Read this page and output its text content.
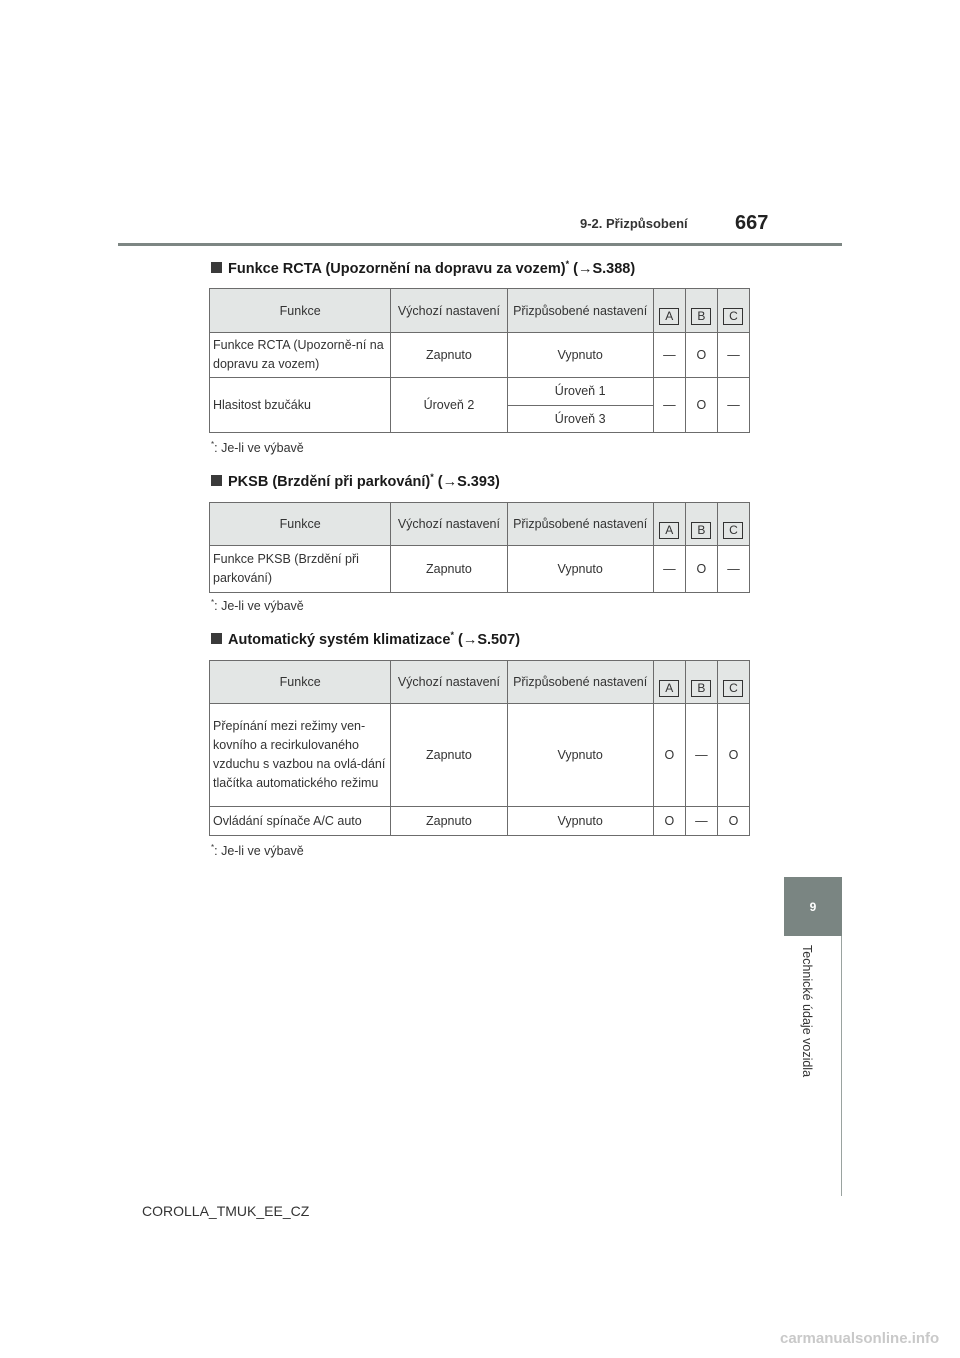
9-2. Přizpůsobení 667
9
Technické údaje vozidla
Funkce RCTA (Upozornění na dopravu za vozem)* (→S.388)
Funkce	Výchozí nastavení	Přizpůsobené nastavení	A	B	C
Funkce RCTA (Upozorně-ní na dopravu za vozem)	Zapnuto	Vypnuto	—	O	—
Hlasitost bzučáku	Úroveň 2	Úroveň 1	—	O	—
		Úroveň 3			
*: Je-li ve výbavě
PKSB (Brzdění při parkování)* (→S.393)
Funkce	Výchozí nastavení	Přizpůsobené nastavení	A	B	C
Funkce PKSB (Brzdění při parkování)	Zapnuto	Vypnuto	—	O	—
*: Je-li ve výbavě
Automatický systém klimatizace* (→S.507)
Funkce	Výchozí nastavení	Přizpůsobené nastavení	A	B	C
Přepínání mezi režimy ven-kovního a recirkulovaného vzduchu s vazbou na ovlá-dání tlačítka automatického režimu	Zapnuto	Vypnuto	O	—	O
Ovládání spínače A/C auto	Zapnuto	Vypnuto	O	—	O
*: Je-li ve výbavě
COROLLA_TMUK_EE_CZ
carmanualsonline.info
